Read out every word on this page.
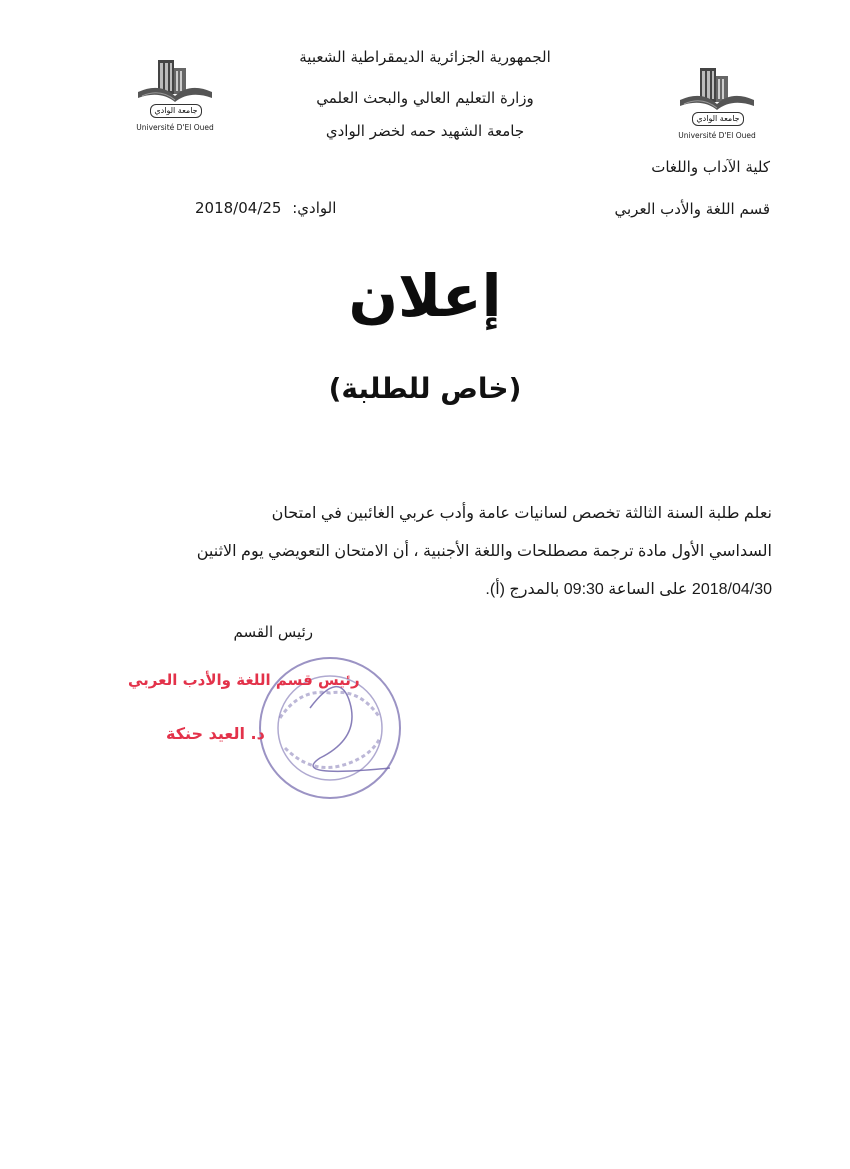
جامعة الوادي
Université D'El Oued
جامعة الوادي
Université D'El Oued
الجمهورية الجزائرية الديمقراطية الشعبية
وزارة التعليم العالي والبحث العلمي
جامعة الشهيد حمه لخضر الوادي
كلية الآداب واللغات
قسم اللغة والأدب العربي
الوادي: 2018/04/25
إعلان
(خاص للطلبة)
نعلم طلبة السنة الثالثة تخصص لسانيات عامة وأدب عربي الغائبين في امتحان
السداسي الأول مادة ترجمة مصطلحات واللغة الأجنبية ، أن الامتحان التعويضي يوم الاثنين
2018/04/30 على الساعة 09:30 بالمدرج (أ).
رئيس القسم
رئيس قسم اللغة والأدب العربي
د. العيد حنكة
